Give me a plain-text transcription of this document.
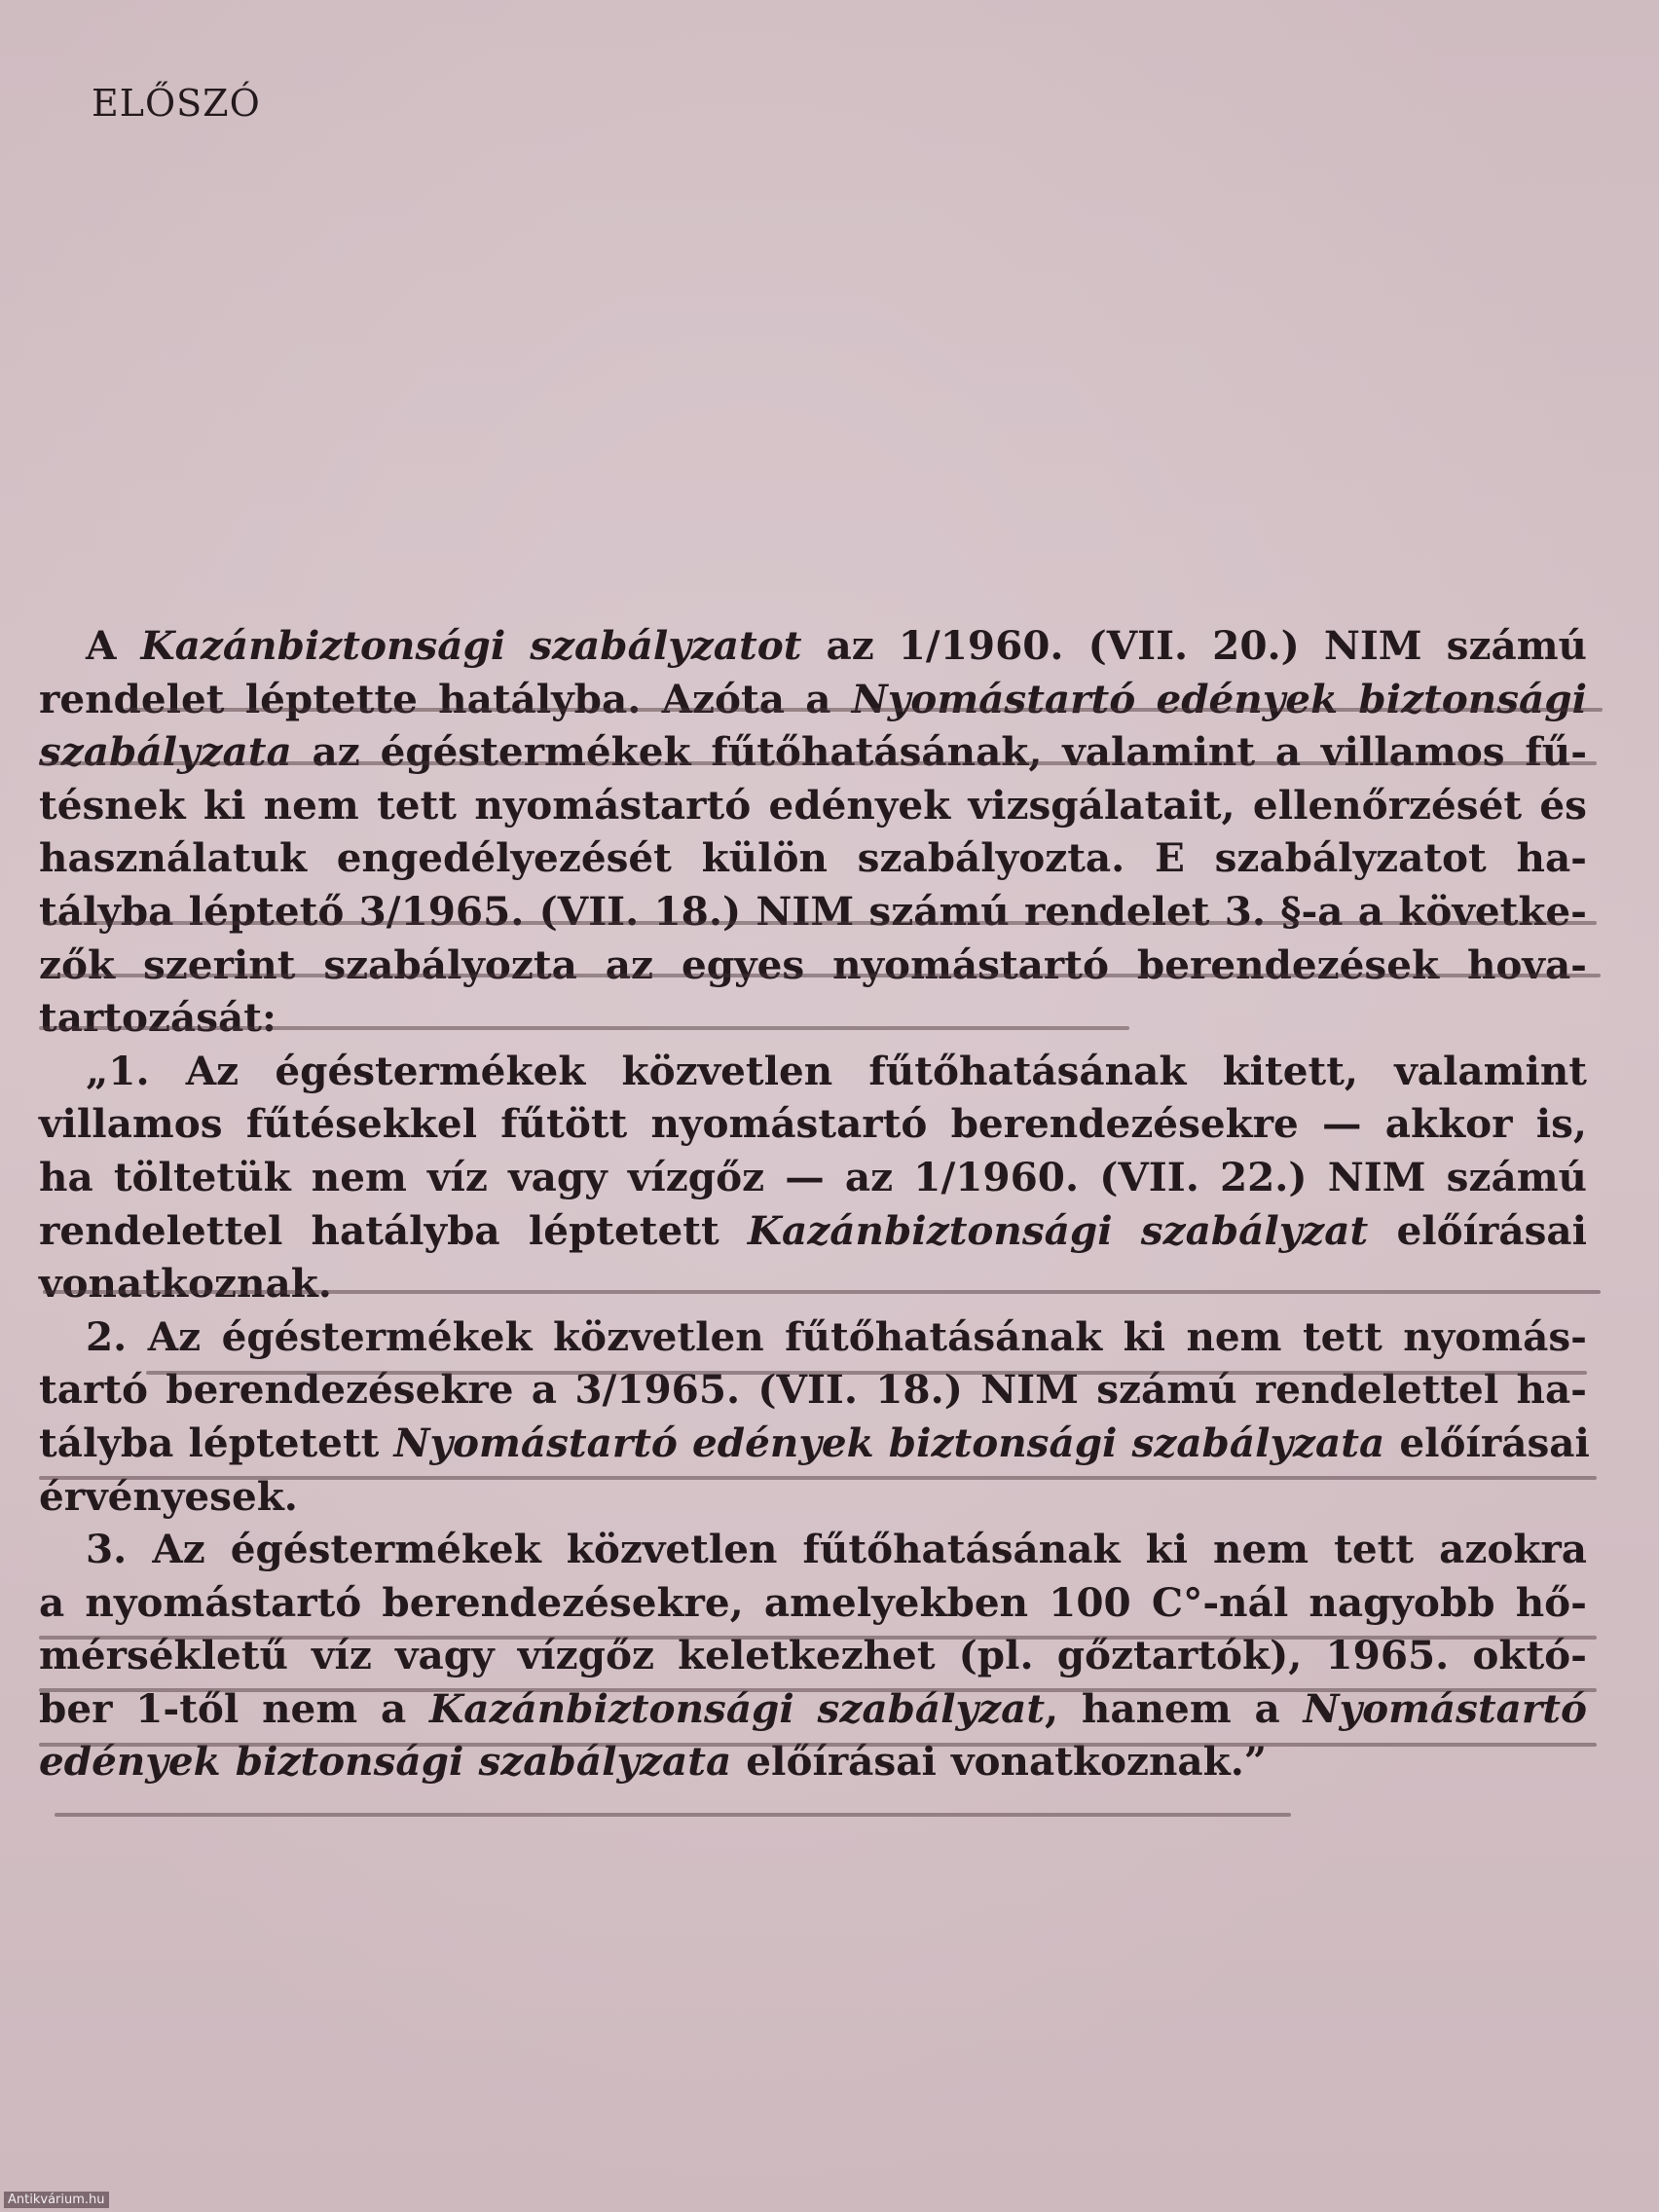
ELŐSZÓ
A Kazánbiztonsági szabályzatot az 1/1960. (VII. 20.) NIM számú
rendelet léptette hatályba. Azóta a Nyomástartó edények biztonsági
szabályzata az égéstermékek fűtőhatásának, valamint a villamos fű-
tésnek ki nem tett nyomástartó edények vizsgálatait, ellenőrzését és
használatuk engedélyezését külön szabályozta. E szabályzatot ha-
tályba léptető 3/1965. (VII. 18.) NIM számú rendelet 3. §-a a követke-
zők szerint szabályozta az egyes nyomástartó berendezések hova-
tartozását:
„1. Az égéstermékek közvetlen fűtőhatásának kitett, valamint
villamos fűtésekkel fűtött nyomástartó berendezésekre — akkor is,
ha töltetük nem víz vagy vízgőz — az 1/1960. (VII. 22.) NIM számú
rendelettel hatályba léptetett Kazánbiztonsági szabályzat előírásai
vonatkoznak.
2. Az égéstermékek közvetlen fűtőhatásának ki nem tett nyomás-
tartó berendezésekre a 3/1965. (VII. 18.) NIM számú rendelettel ha-
tályba léptetett Nyomástartó edények biztonsági szabályzata előírásai
érvényesek.
3. Az égéstermékek közvetlen fűtőhatásának ki nem tett azokra
a nyomástartó berendezésekre, amelyekben 100 C°-nál nagyobb hő-
mérsékletű víz vagy vízgőz keletkezhet (pl. gőztartók), 1965. októ-
ber 1-től nem a Kazánbiztonsági szabályzat, hanem a Nyomástartó
edények biztonsági szabályzata előírásai vonatkoznak.”
Antikvárium.hu
